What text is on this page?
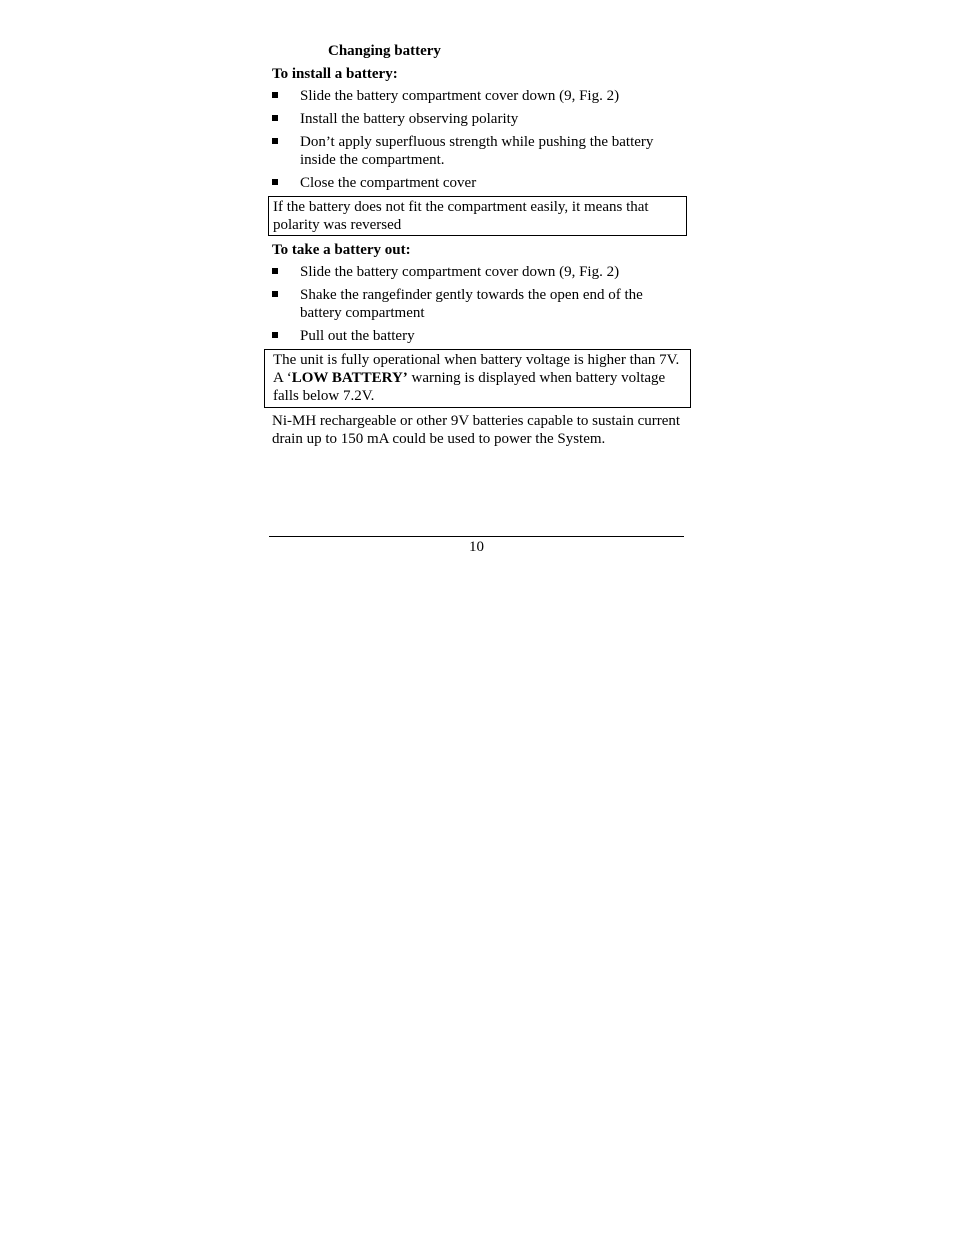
Changing battery
To install a battery:
Slide the battery compartment cover down (9, Fig. 2)
Install the battery observing polarity
Don’t apply superfluous strength while pushing the battery inside the compartment.
Close the compartment cover
If the battery does not fit the compartment easily, it means that polarity was reversed
To take a battery out:
Slide the battery compartment cover down (9, Fig. 2)
Shake the rangefinder gently towards the open end of the battery compartment
Pull out the battery
The unit is fully operational when battery voltage is higher than 7V. A ‘LOW BATTERY’ warning is displayed when battery voltage falls below 7.2V.
Ni-MH rechargeable or other 9V batteries capable to sustain current drain up to 150 mA could be used to power the System.
10
